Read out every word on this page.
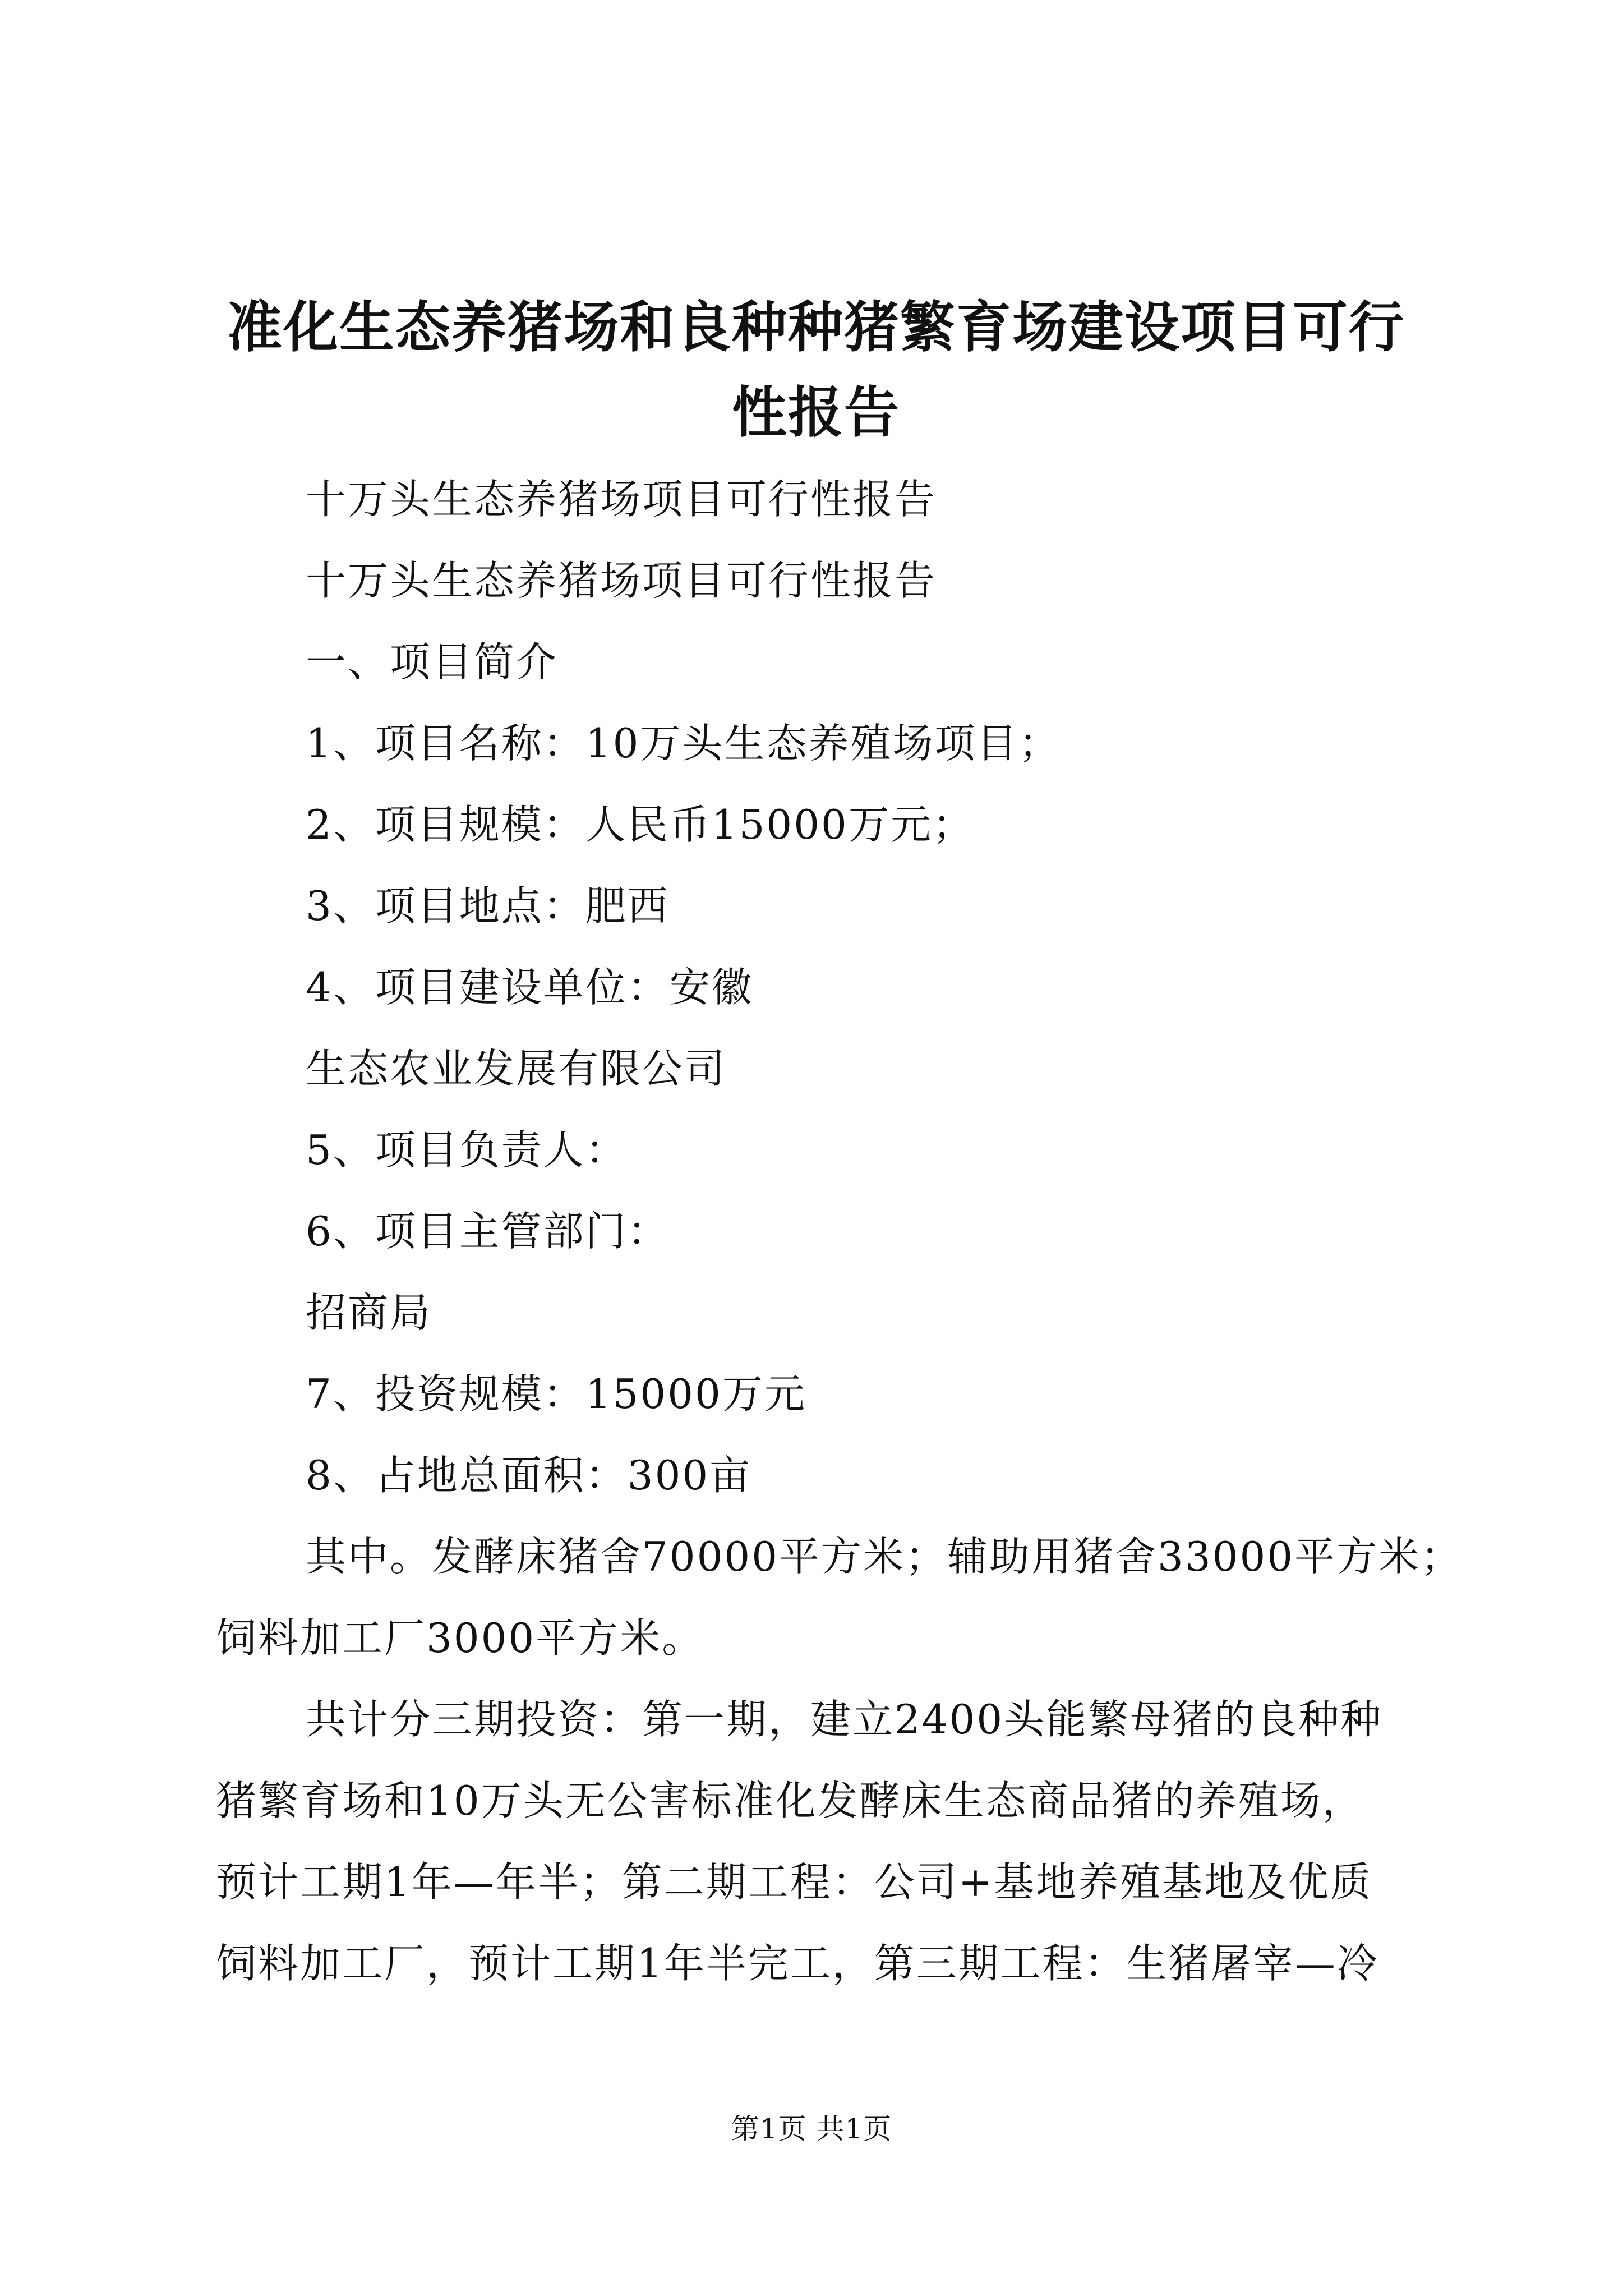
准化生态养猪场和良种种猪繁育场建设项目可行性报告

十万头生态养猪场项目可行性报告

十万头生态养猪场项目可行性报告

一、项目简介

1、项目名称：10万头生态养殖场项目；

2、项目规模：人民币15000万元；

3、项目地点：肥西

4、项目建设单位：安徽

生态农业发展有限公司

5、项目负责人：

6、项目主管部门：

招商局

7、投资规模：15000万元

8、占地总面积：300亩

其中。发酵床猪舍70000平方米；辅助用猪舍33000平方米；

饲料加工厂3000平方米。

共计分三期投资：第一期，建立2400头能繁母猪的良种种

猪繁育场和10万头无公害标准化发酵床生态商品猪的养殖场，

预计工期1年—年半；第二期工程：公司+基地养殖基地及优质

饲料加工厂，预计工期1年半完工，第三期工程：生猪屠宰—冷

第1页 共1页
